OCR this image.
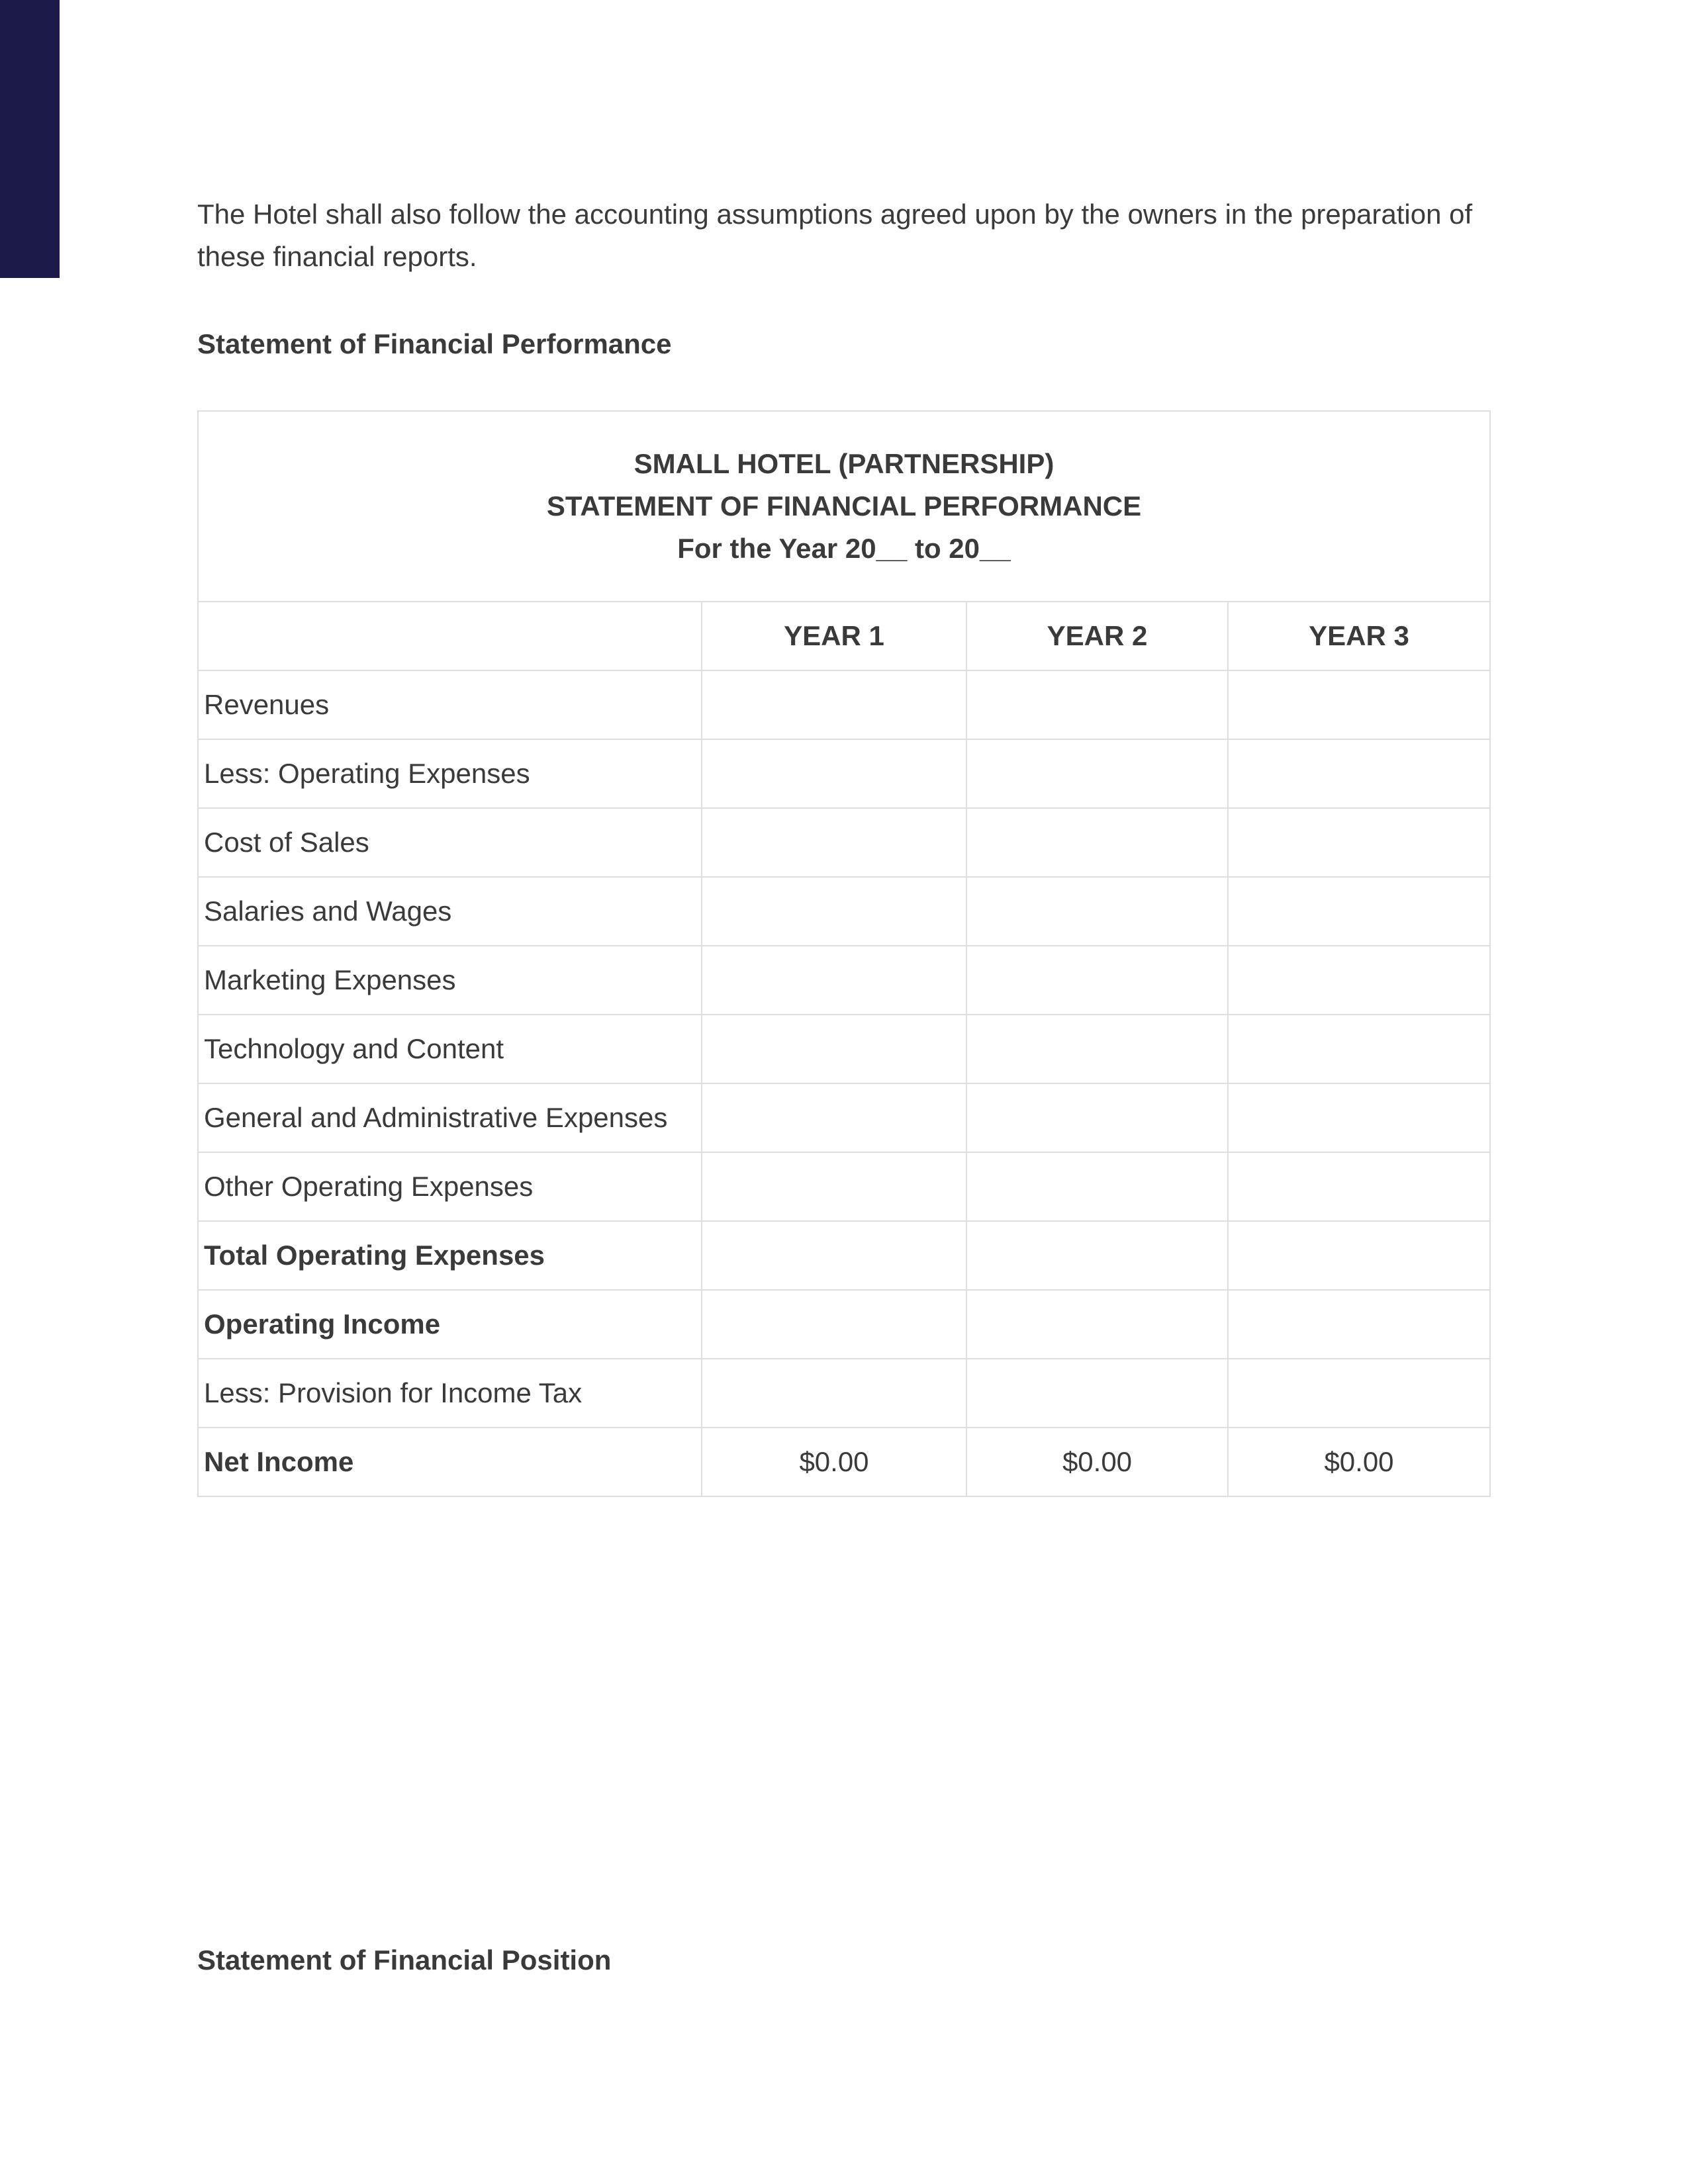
The Hotel shall also follow the accounting assumptions agreed upon by the owners in the preparation of these financial reports.

Statement of Financial Performance
SMALL HOTEL (PARTNERSHIP)
STATEMENT OF FINANCIAL PERFORMANCE
For the Year 20__ to 20__			

	YEAR 1	YEAR 2	YEAR 3
Revenues			
Less: Operating Expenses			
Cost of Sales			
Salaries and Wages			
Marketing Expenses			
Technology and Content			
General and Administrative Expenses			
Other Operating Expenses			
Total Operating Expenses			
Operating Income			
Less: Provision for Income Tax			
Net Income	$0.00	$0.00	$0.00
Statement of Financial Position
